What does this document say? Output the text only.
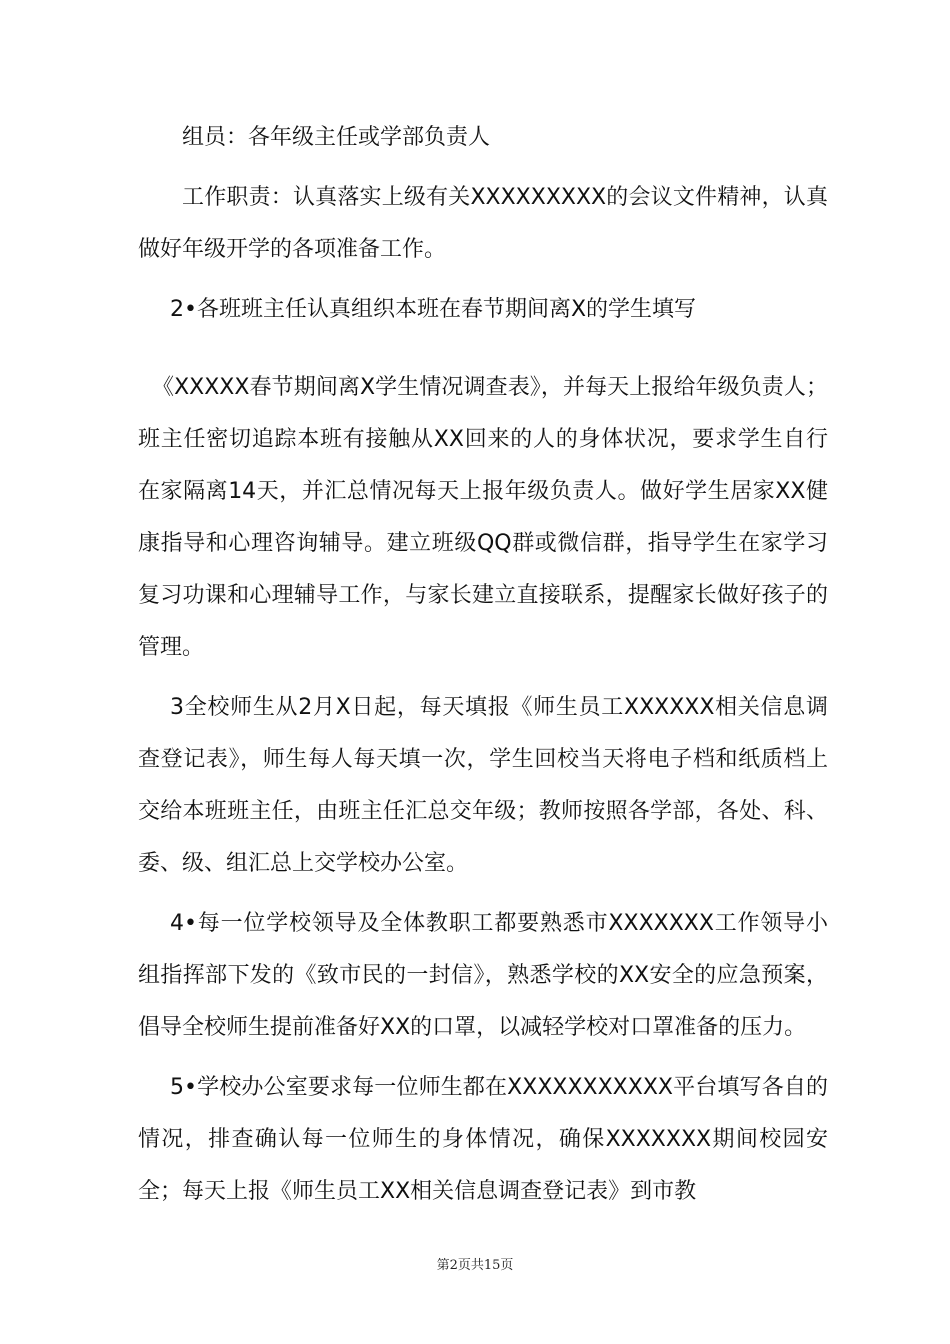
组员：各年级主任或学部负责人

工作职责：认真落实上级有关XXXXXXXXX的会议文件精神，认真做好年级开学的各项准备工作。

2•各班班主任认真组织本班在春节期间离X的学生填写

《XXXXX春节期间离X学生情况调查表》，并每天上报给年级负责人；班主任密切追踪本班有接触从XX回来的人的身体状况，要求学生自行在家隔离14天，并汇总情况每天上报年级负责人。做好学生居家XX健康指导和心理咨询辅导。建立班级QQ群或微信群，指导学生在家学习复习功课和心理辅导工作，与家长建立直接联系，提醒家长做好孩子的管理。

3全校师生从2月X日起，每天填报《师生员工XXXXXX相关信息调查登记表》，师生每人每天填一次，学生回校当天将电子档和纸质档上交给本班班主任，由班主任汇总交年级；教师按照各学部，各处、科、委、级、组汇总上交学校办公室。

4•每一位学校领导及全体教职工都要熟悉市XXXXXXX工作领导小组指挥部下发的《致市民的一封信》，熟悉学校的XX安全的应急预案，倡导全校师生提前准备好XX的口罩，以减轻学校对口罩准备的压力。

5•学校办公室要求每一位师生都在XXXXXXXXXXX平台填写各自的情况，排查确认每一位师生的身体情况，确保XXXXXXX期间校园安全；每天上报《师生员工XX相关信息调查登记表》到市教

第2页共15页
